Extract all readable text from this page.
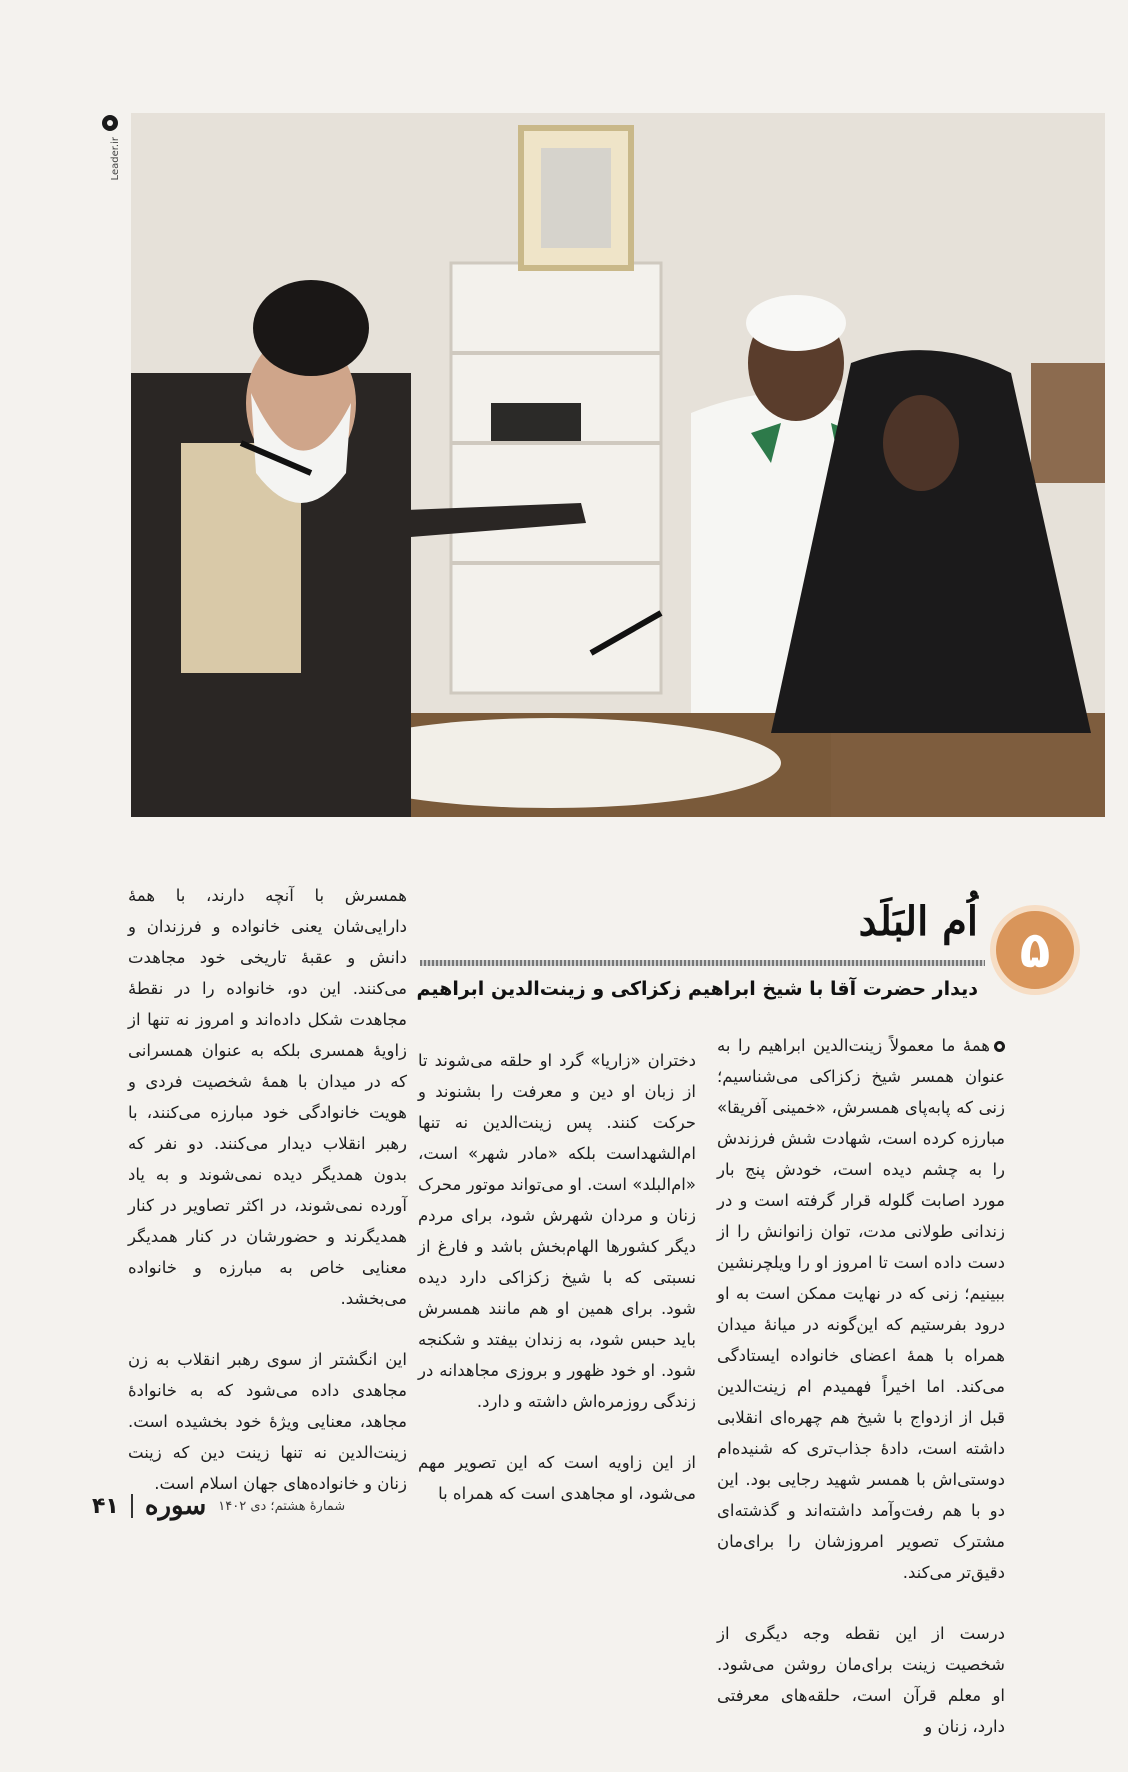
Leader.ir
۵
اُم البَلَد
دیدار حضرت آقا با شیخ ابراهیم زکزاکی و زینت‌الدین ابراهیم

همهٔ ما معمولاً زینت‌الدین ابراهیم را به عنوان همسر شیخ زکزاکی می‌شناسیم؛ زنی که پابه‌پای همسرش، «خمینی آفریقا» مبارزه کرده است، شهادت شش فرزندش را به چشم دیده است، خودش پنج بار مورد اصابت گلوله قرار گرفته است و در زندانی طولانی مدت، توان زانوانش را از دست داده است تا امروز او را ویلچرنشین ببینیم؛ زنی که در نهایت ممکن است به او درود بفرستیم که این‌گونه در میانهٔ میدان همراه با همهٔ اعضای خانواده ایستادگی می‌کند. اما اخیراً فهمیدم ام زینت‌الدین قبل از ازدواج با شیخ هم چهره‌ای انقلابی داشته است، دادهٔ جذاب‌تری که شنیده‌ام دوستی‌اش با همسر شهید رجایی بود. این دو با هم رفت‌وآمد داشته‌اند و گذشته‌ای مشترک تصویر امروزشان را برای‌مان دقیق‌تر می‌کند.

درست از این نقطه وجه دیگری از شخصیت زینت برای‌مان روشن می‌شود. او معلم قرآن است، حلقه‌های معرفتی دارد، زنان و

دختران «زاریا» گرد او حلقه می‌شوند تا از زبان او دین و معرفت را بشنوند و حرکت کنند. پس زینت‌الدین نه تنها ام‌الشهداست بلکه «مادر شهر» است، «ام‌البلد» است. او می‌تواند موتور محرک زنان و مردان شهرش شود، برای مردم دیگر کشورها الهام‌بخش باشد و فارغ از نسبتی که با شیخ زکزاکی دارد دیده شود. برای همین او هم مانند همسرش باید حبس شود، به زندان بیفتد و شکنجه شود. او خود ظهور و بروزی مجاهدانه در زندگی روزمره‌اش داشته و دارد.

از این زاویه است که این تصویر مهم می‌شود، او مجاهدی است که همراه با

همسرش با آنچه دارند، با همهٔ دارایی‌شان یعنی خانواده و فرزندان و دانش و عقبهٔ تاریخی خود مجاهدت می‌کنند. این دو، خانواده را در نقطهٔ مجاهدت شکل داده‌اند و امروز نه تنها از زاویهٔ همسری بلکه به عنوان همسرانی که در میدان با همهٔ شخصیت فردی و هویت خانوادگی خود مبارزه می‌کنند، با رهبر انقلاب دیدار می‌کنند. دو نفر که بدون همدیگر دیده نمی‌شوند و به یاد آورده نمی‌شوند، در اکثر تصاویر در کنار همدیگرند و حضورشان در کنار همدیگر معنایی خاص به مبارزه و خانواده می‌بخشد.

این انگشتر از سوی رهبر انقلاب به زن مجاهدی داده می‌شود که به خانوادهٔ مجاهد، معنایی ویژهٔ خود بخشیده است. زینت‌الدین نه تنها زینت دین که زینت زنان و خانواده‌های جهان اسلام است.

۴۱ سوره شمارهٔ هشتم؛ دی ۱۴۰۲
